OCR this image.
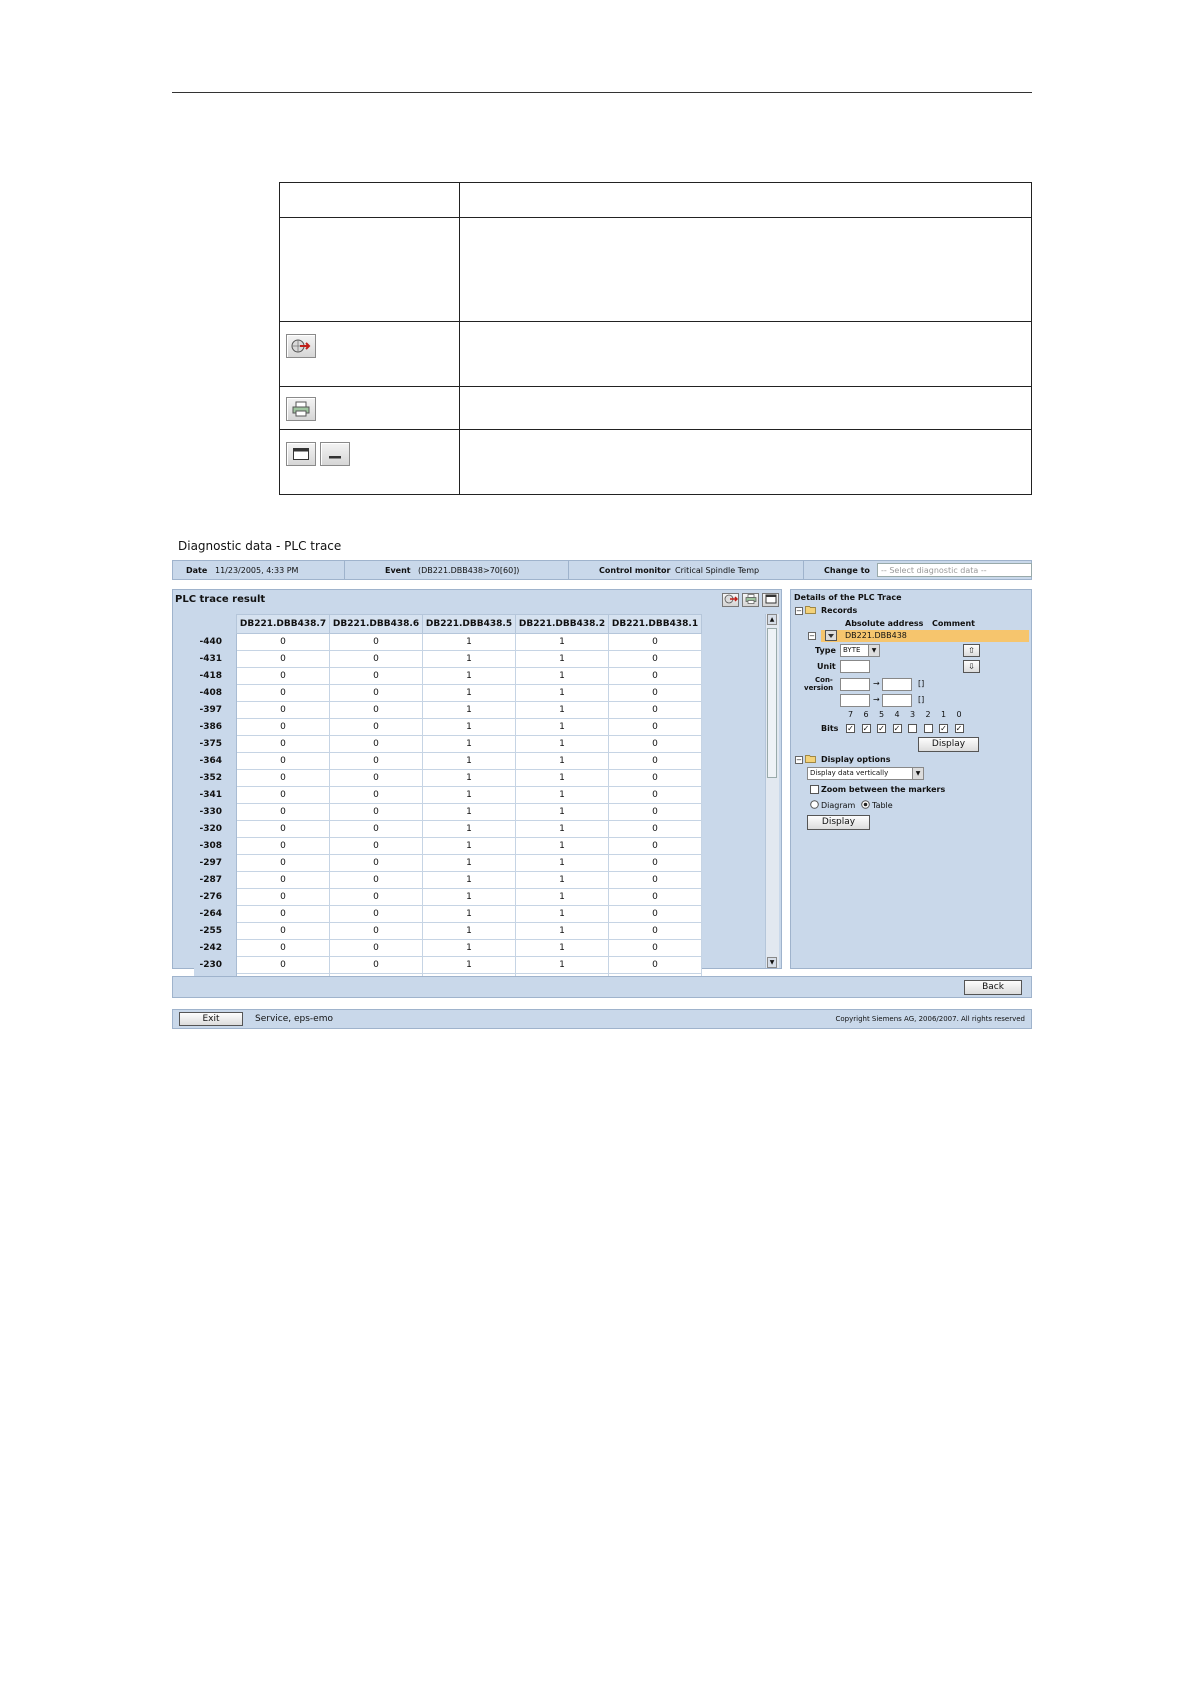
Diagnostic data - PLC trace
Date 11/23/2005, 4:33 PM	Event (DB221.DBB438>70[60])	Control monitor Critical Spindle Temp	Change to	-- Select diagnostic data --
PLC trace result
	DB221.DBB438.7	DB221.DBB438.6	DB221.DBB438.5	DB221.DBB438.2	DB221.DBB438.1
-440	0	0	1	1	0
-431	0	0	1	1	0
-418	0	0	1	1	0
-408	0	0	1	1	0
-397	0	0	1	1	0
-386	0	0	1	1	0
-375	0	0	1	1	0
-364	0	0	1	1	0
-352	0	0	1	1	0
-341	0	0	1	1	0
-330	0	0	1	1	0
-320	0	0	1	1	0
-308	0	0	1	1	0
-297	0	0	1	1	0
-287	0	0	1	1	0
-276	0	0	1	1	0
-264	0	0	1	1	0
-255	0	0	1	1	0
-242	0	0	1	1	0
-230	0	0	1	1	0

▲
▼
Details of the PLC Trace
− Records
Absolute address Comment
−	DB221.DBB438
Type	BYTE	▼
Unit
⇧
⇩
Con-
version	→	[]
→	[]
7 6 5 4 3 2 1 0
Bits ✓ ✓ ✓ ✓	✓ ✓
Display
− Display options
Display data vertically	▼
Zoom between the markers
Diagram Table
Display
Back
Exit	Service, eps-emo	Copyright Siemens AG, 2006/2007. All rights reserved
